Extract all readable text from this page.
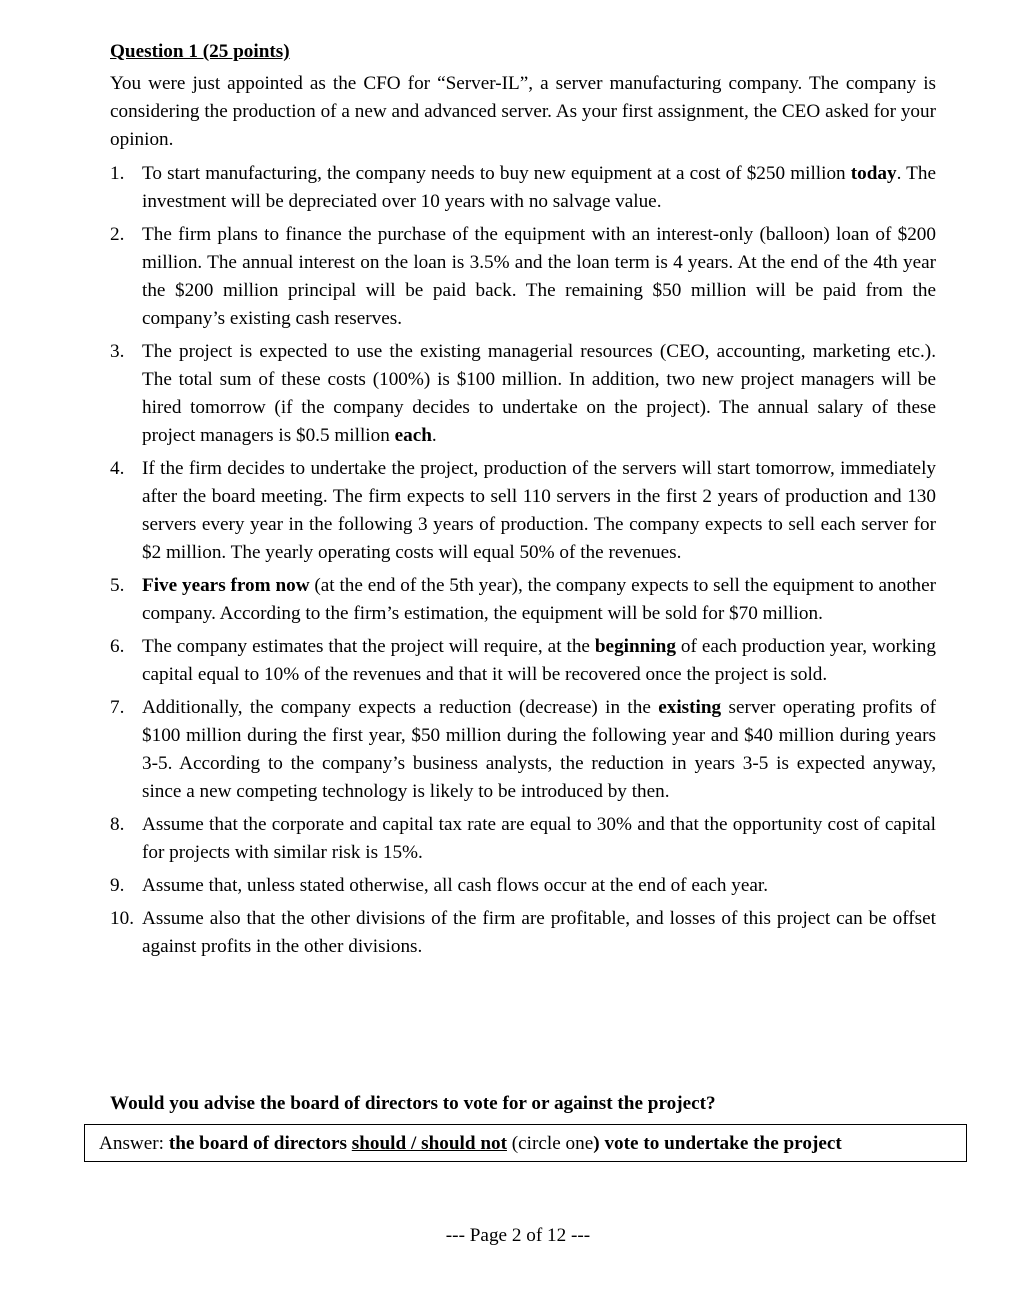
Question 1 (25 points)

You were just appointed as the CFO for “Server-IL”, a server manufacturing company. The company is considering the production of a new and advanced server. As your first assignment, the CEO asked for your opinion.

1. To start manufacturing, the company needs to buy new equipment at a cost of $250 million today. The investment will be depreciated over 10 years with no salvage value.
2. The firm plans to finance the purchase of the equipment with an interest-only (balloon) loan of $200 million. The annual interest on the loan is 3.5% and the loan term is 4 years. At the end of the 4th year the $200 million principal will be paid back. The remaining $50 million will be paid from the company’s existing cash reserves.
3. The project is expected to use the existing managerial resources (CEO, accounting, marketing etc.). The total sum of these costs (100%) is $100 million. In addition, two new project managers will be hired tomorrow (if the company decides to undertake on the project). The annual salary of these project managers is $0.5 million each.
4. If the firm decides to undertake the project, production of the servers will start tomorrow, immediately after the board meeting. The firm expects to sell 110 servers in the first 2 years of production and 130 servers every year in the following 3 years of production. The company expects to sell each server for $2 million. The yearly operating costs will equal 50% of the revenues.
5. Five years from now (at the end of the 5th year), the company expects to sell the equipment to another company. According to the firm’s estimation, the equipment will be sold for $70 million.
6. The company estimates that the project will require, at the beginning of each production year, working capital equal to 10% of the revenues and that it will be recovered once the project is sold.
7. Additionally, the company expects a reduction (decrease) in the existing server operating profits of $100 million during the first year, $50 million during the following year and $40 million during years 3-5. According to the company’s business analysts, the reduction in years 3-5 is expected anyway, since a new competing technology is likely to be introduced by then.
8. Assume that the corporate and capital tax rate are equal to 30% and that the opportunity cost of capital for projects with similar risk is 15%.
9. Assume that, unless stated otherwise, all cash flows occur at the end of each year.
10. Assume also that the other divisions of the firm are profitable, and losses of this project can be offset against profits in the other divisions.
Would you advise the board of directors to vote for or against the project?
Answer: the board of directors should / should not (circle one) vote to undertake the project
--- Page 2 of 12 ---
